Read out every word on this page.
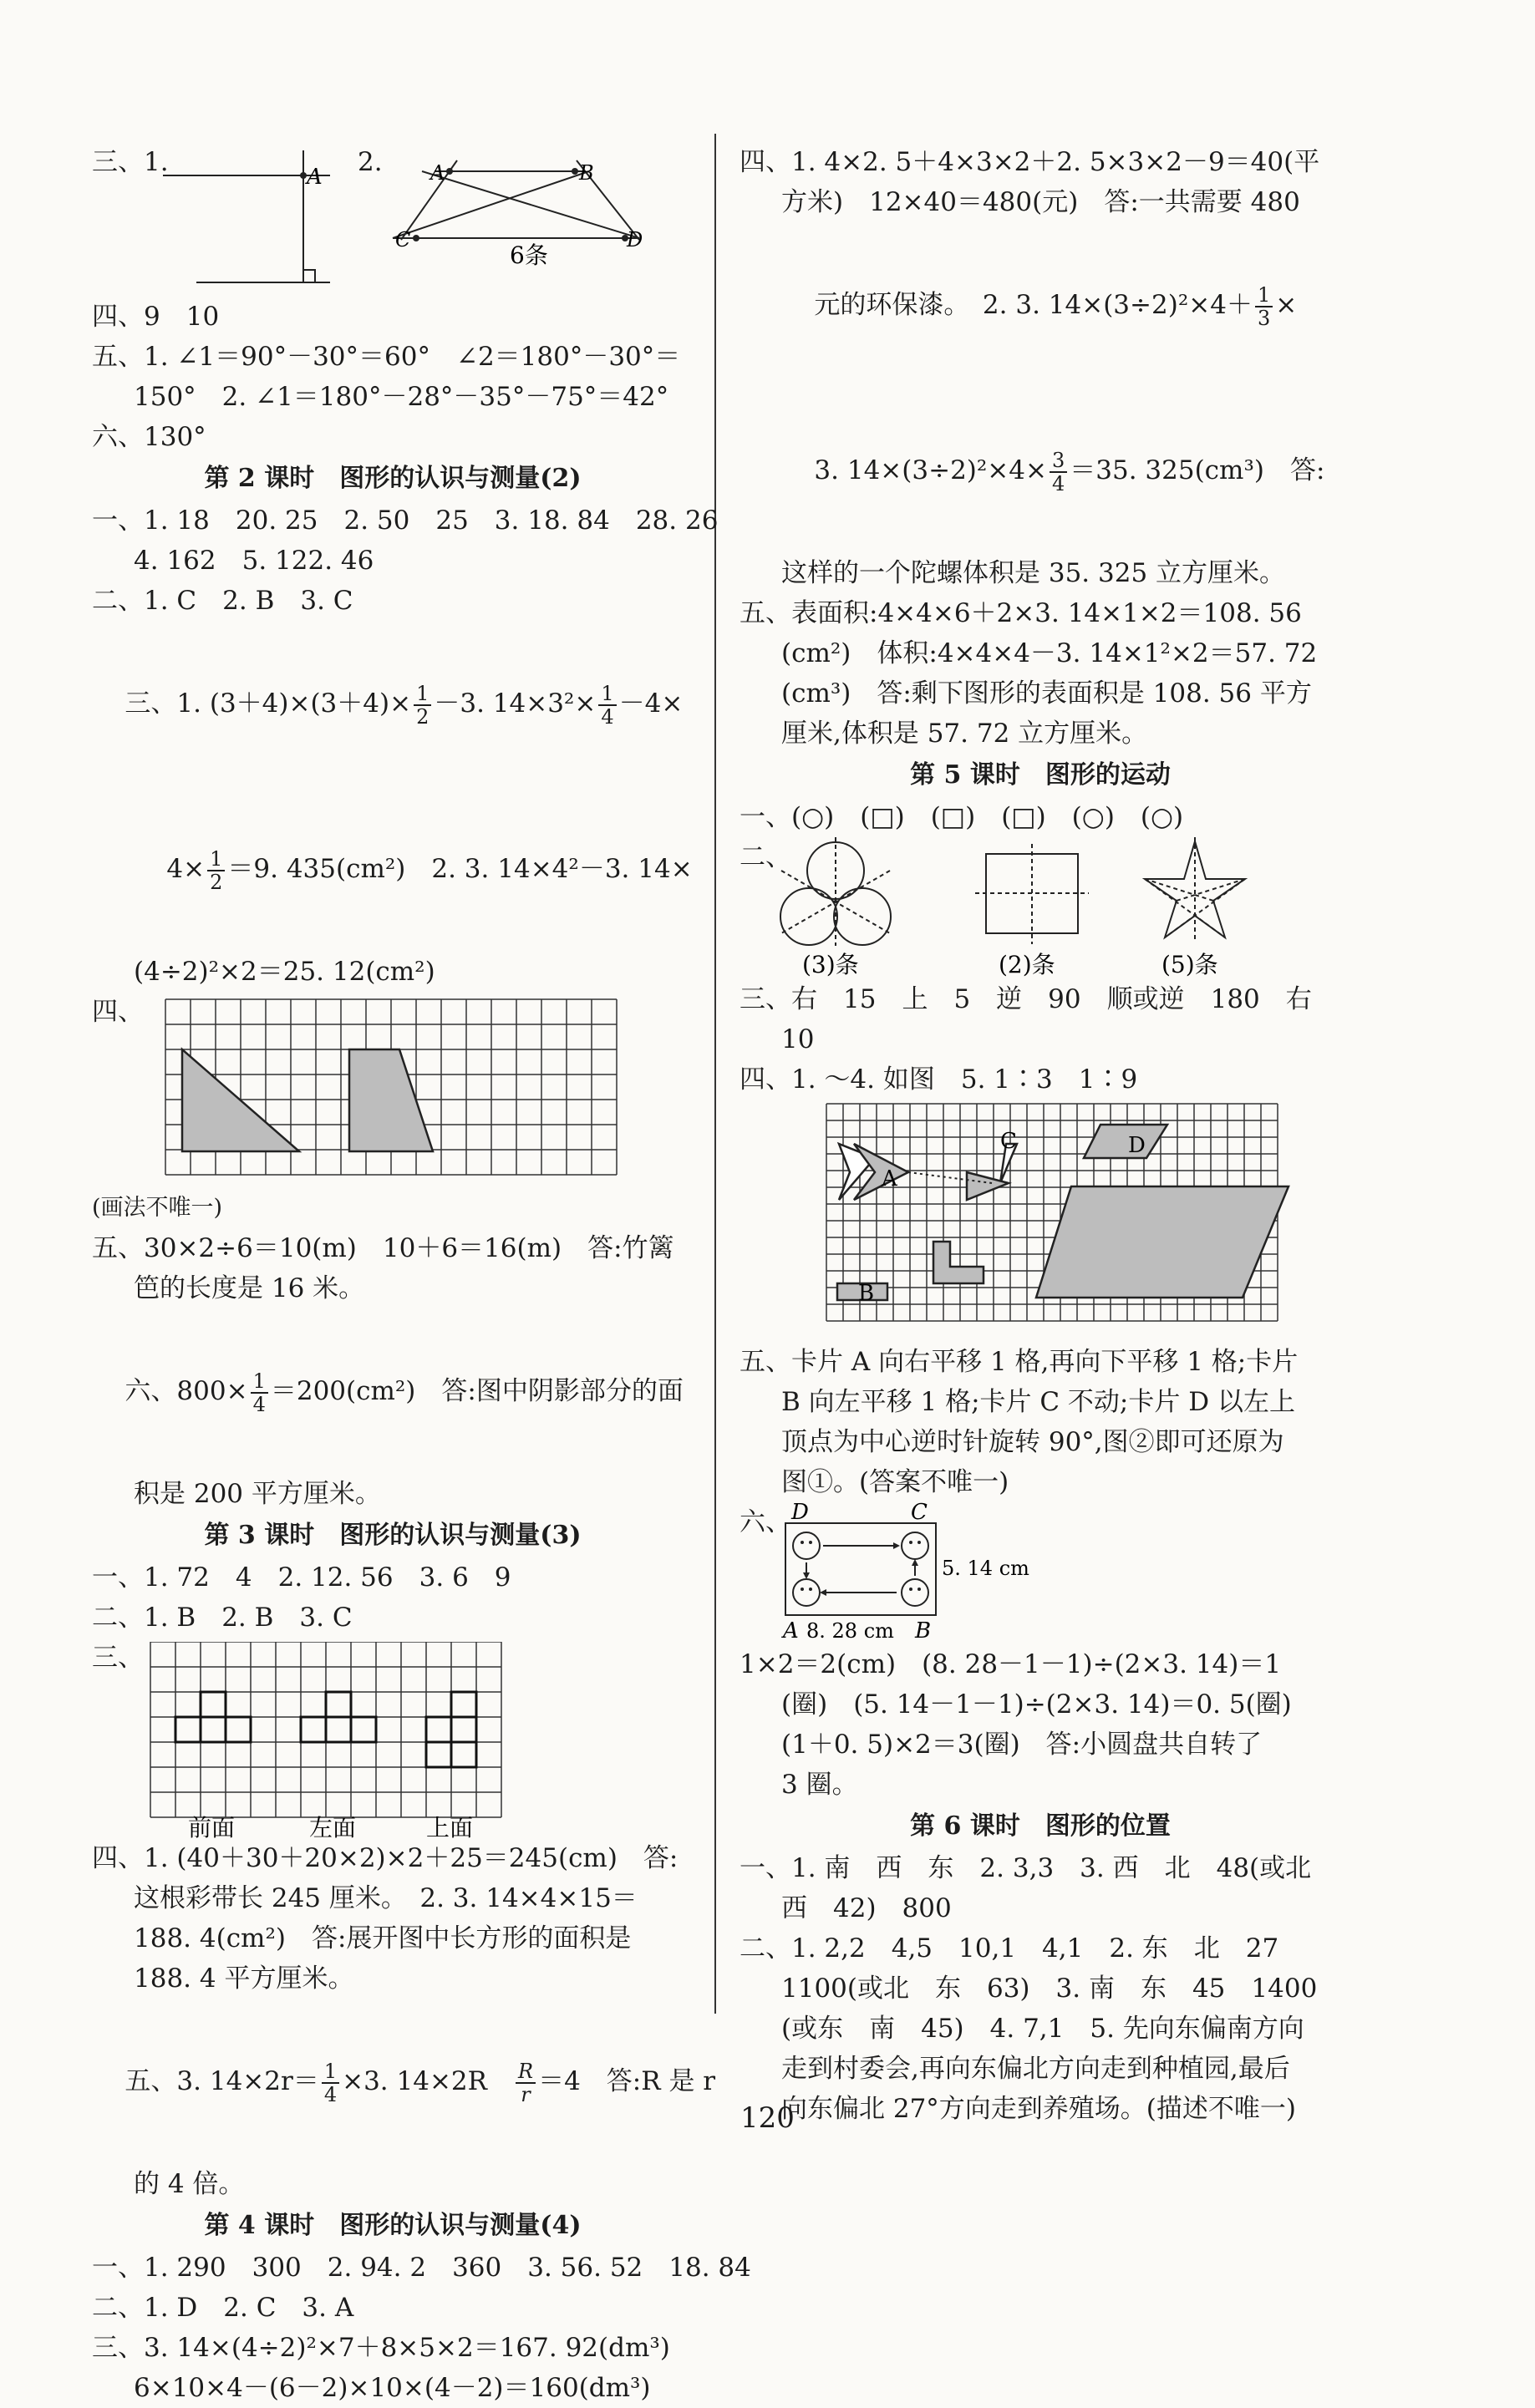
三、1.	A 2. A	B
C	D
6条
四、9　10
五、1. ∠1＝90°－30°＝60°　∠2＝180°－30°＝
150°　2. ∠1＝180°－28°－35°－75°＝42°
六、130°
第 2 课时　图形的认识与测量(2)
一、1. 18　20. 25　2. 50　25　3. 18. 84　28. 26
4. 162　5. 122. 46
二、1. C　2. B　3. C

三、1. $(3+4)\times(3+4)\times \frac{1}{2} -3$. $14\times 3^2\times \frac{1}{4} -4\times$

$4\times \frac{1}{2} =9$. 435(cm²)　2. 3. 14×4²－3. 14×

(4÷2)²×2＝25. 12(cm²)
四、
(画法不唯一)
五、30×2÷6＝10(m)　10＋6＝16(m)　答:竹篱
笆的长度是 16 米。

六、$800\times \frac{1}{4} =200(cm^2)$　答:图中阴影部分的面

积是 200 平方厘米。
第 3 课时　图形的认识与测量(3)
一、1. 72　4　2. 12. 56　3. 6　9
二、1. B　2. B　3. C
三、
前面	左面	上面
四、1. (40＋30＋20×2)×2＋25＝245(cm)　答:
这根彩带长 245 厘米。　2. 3. 14×4×15＝
188. 4(cm²)　答:展开图中长方形的面积是
188. 4 平方厘米。

五、3. $14\times 2r= \frac{1}{4} \times 3$. 14×2R　 $\frac{R}{r} =4$　答:R 是 r

的 4 倍。
第 4 课时　图形的认识与测量(4)
一、1. 290　300　2. 94. 2　360　3. 56. 52　18. 84
二、1. D　2. C　3. A
三、3. 14×(4÷2)²×7＋8×5×2＝167. 92(dm³)
6×10×4－(6－2)×10×(4－2)＝160(dm³)
四、1. 4×2. 5＋4×3×2＋2. 5×3×2－9＝40(平
方米)　12×40＝480(元)　答:一共需要 480

元的环保漆。　2. 3. $14\times(3\div 2)^2\times 4+ \frac{1}{3}$ ×

3. $14\times(3\div 2)^2\times 4\times \frac{3}{4} =35$. 325(cm³)　答:

这样的一个陀螺体积是 35. 325 立方厘米。
五、表面积:4×4×6＋2×3. 14×1×2＝108. 56
(cm²)　体积:4×4×4－3. 14×1²×2＝57. 72
(cm³)　答:剩下图形的表面积是 108. 56 平方
厘米,体积是 57. 72 立方厘米。
第 5 课时　图形的运动
一、(○)　(□)　(□)　(□)　(○)　(○)
二、
(3)条	(2)条	(5)条
三、右　15　上　5　逆　90　顺或逆　180　右
10
四、1. ～4. 如图　5. 1∶3　1∶9
A
B
C	D
五、卡片 A 向右平移 1 格,再向下平移 1 格;卡片
B 向左平移 1 格;卡片 C 不动;卡片 D 以左上
顶点为中心逆时针旋转 90°,图②即可还原为
图①。(答案不唯一)
六、 D	C
A 8. 28 cm B
5. 14 cm
1×2＝2(cm)　(8. 28－1－1)÷(2×3. 14)＝1
(圈)　(5. 14－1－1)÷(2×3. 14)＝0. 5(圈)
(1＋0. 5)×2＝3(圈)　答:小圆盘共自转了
3 圈。
第 6 课时　图形的位置
一、1. 南　西　东　2. 3,3　3. 西　北　48(或北
西　42)　800
二、1. 2,2　4,5　10,1　4,1　2. 东　北　27
1100(或北　东　63)　3. 南　东　45　1400
(或东　南　45)　4. 7,1　5. 先向东偏南方向
走到村委会,再向东偏北方向走到种植园,最后
向东偏北 27°方向走到养殖场。(描述不唯一)
120
